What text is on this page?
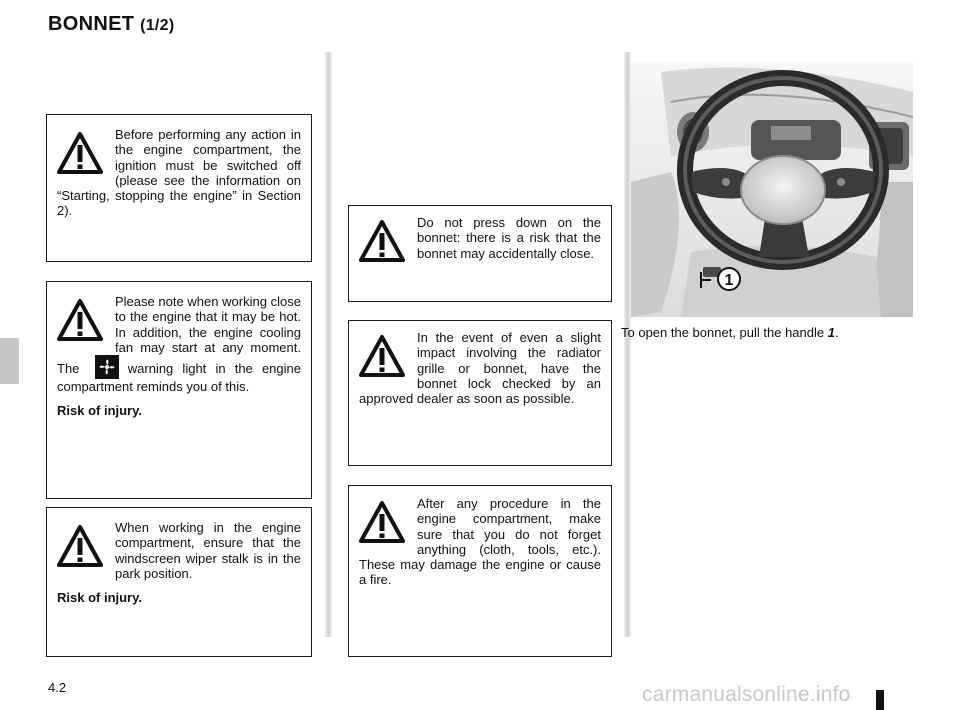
BONNET (1/2)

Before performing any action in the engine compartment, the ignition must be switched off (please see the information on “Starting, stopping the engine” in Section 2).

Please note when working close to the engine that it may be hot. In addition, the engine cooling fan may start at any moment. The	warning light in the engine compartment reminds you of this.

Risk of injury.

When working in the engine compartment, ensure that the windscreen wiper stalk is in the park position.

Risk of injury.

Do not press down on the bonnet: there is a risk that the bonnet may accidentally close.

In the event of even a slight impact involving the radiator grille or bonnet, have the bonnet lock checked by an approved dealer as soon as possible.

After any procedure in the engine compartment, make sure that you do not forget anything (cloth, tools, etc.). These may damage the engine or cause a fire.

1
To open the bonnet, pull the handle 1.
4.2	carmanualsonline.info
